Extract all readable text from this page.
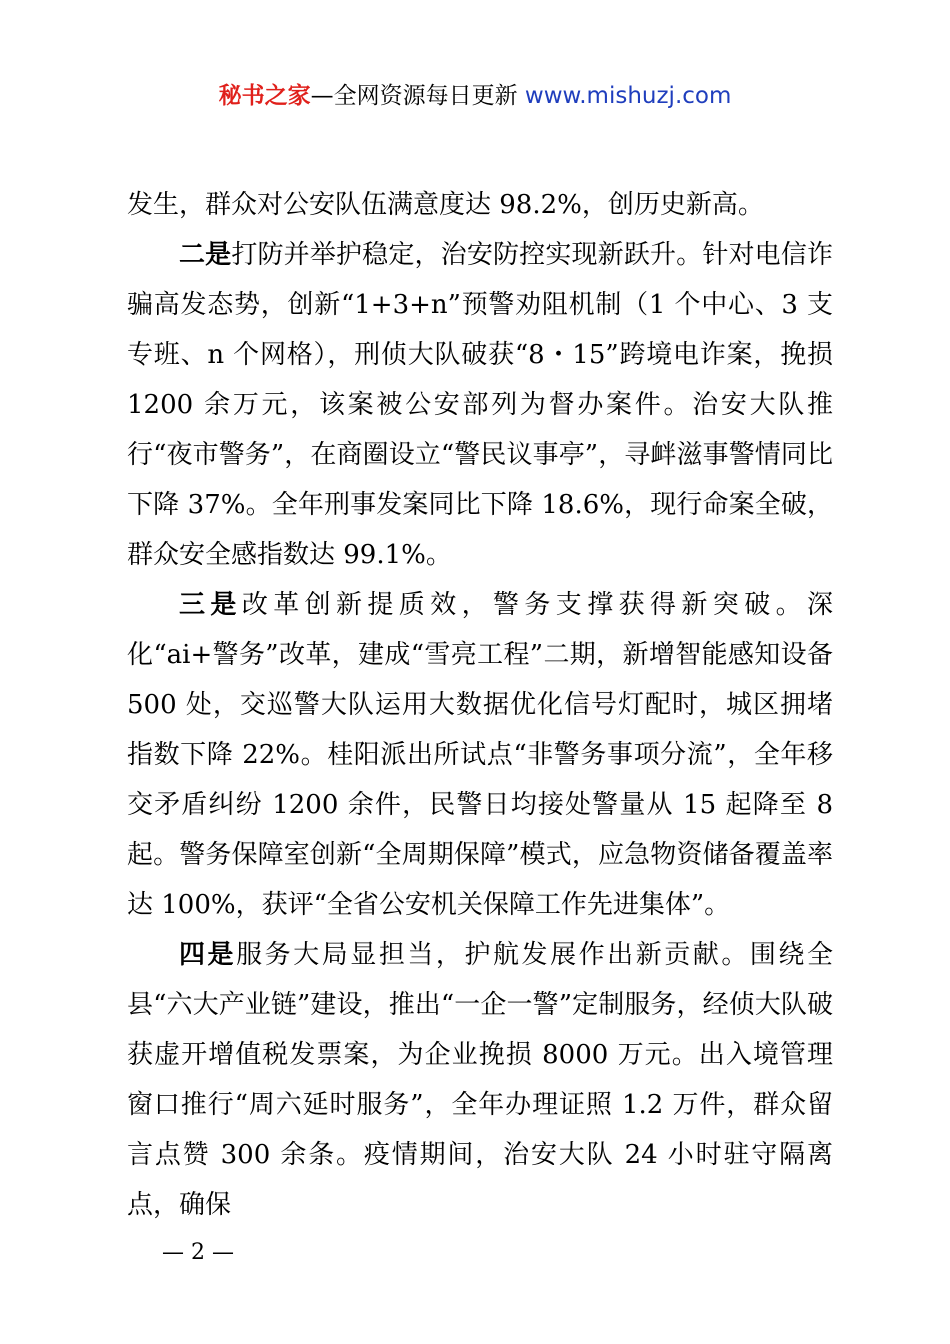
秘书之家—全网资源每日更新 www.mishuzj.com

发生，群众对公安队伍满意度达 98.2%，创历史新高。

二是打防并举护稳定，治安防控实现新跃升。针对电信诈骗高发态势，创新“1+3+n”预警劝阻机制（1 个中心、3 支专班、n 个网格），刑侦大队破获“8・15”跨境电诈案，挽损 1200 余万元，该案被公安部列为督办案件。治安大队推行“夜市警务”，在商圈设立“警民议事亭”，寻衅滋事警情同比下降 37%。全年刑事发案同比下降 18.6%，现行命案全破，群众安全感指数达 99.1%。

三是改革创新提质效，警务支撑获得新突破。深化“ai+警务”改革，建成“雪亮工程”二期，新增智能感知设备 500 处，交巡警大队运用大数据优化信号灯配时，城区拥堵指数下降 22%。桂阳派出所试点“非警务事项分流”，全年移交矛盾纠纷 1200 余件，民警日均接处警量从 15 起降至 8 起。警务保障室创新“全周期保障”模式，应急物资储备覆盖率达 100%，获评“全省公安机关保障工作先进集体”。

四是服务大局显担当，护航发展作出新贡献。围绕全县“六大产业链”建设，推出“一企一警”定制服务，经侦大队破获虚开增值税发票案，为企业挽损 8000 万元。出入境管理窗口推行“周六延时服务”，全年办理证照 1.2 万件，群众留言点赞 300 余条。疫情期间，治安大队 24 小时驻守隔离点，确保

— 2 —
